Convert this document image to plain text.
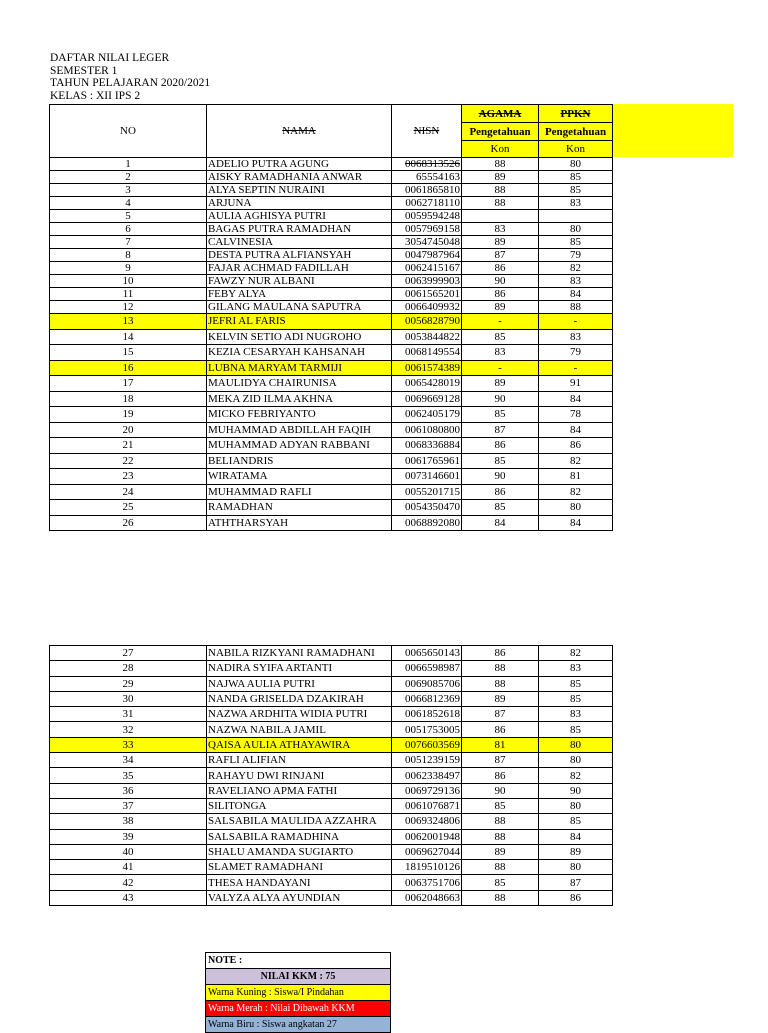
DAFTAR NILAI LEGER
SEMESTER 1
TAHUN PELAJARAN 2020/2021
KELAS : XII IPS 2
NO	NAMA	NISN	AGAMA	PPKN
			Pengetahuan	Pengetahuan
			Kon	Kon
1	ADELIO PUTRA AGUNG	0068313526	88	80
2	AISKY RAMADHANIA ANWAR	65554163	89	85
3	ALYA SEPTIN NURAINI	0061865810	88	85
4	ARJUNA	0062718110	88	83
5	AULIA AGHISYA PUTRI	0059594248		
6	BAGAS PUTRA RAMADHAN	0057969158	83	80
7	CALVINESIA	3054745048	89	85
8	DESTA PUTRA ALFIANSYAH	0047987964	87	79
9	FAJAR ACHMAD FADILLAH	0062415167	86	82
10	FAWZY NUR ALBANI	0063999903	90	83
11	FEBY ALYA	0061565201	86	84
12	GILANG MAULANA SAPUTRA	0066409932	89	88
13	JEFRI AL FARIS	0056828790	-	-
14	KELVIN SETIO ADI NUGROHO	0053844822	85	83
15	KEZIA CESARYAH KAHSANAH	0068149554	83	79
16	LUBNA MARYAM TARMIJI	0061574389	-	-
17	MAULIDYA CHAIRUNISA	0065428019	89	91
18	MEKA ZID ILMA AKHNA	0069669128	90	84
19	MICKO FEBRIYANTO	0062405179	85	78
20	MUHAMMAD ABDILLAH FAQIH	0061080800	87	84
21	MUHAMMAD ADYAN RABBANI	0068336884	86	86
22	BELIANDRIS	0061765961	85	82
23	WIRATAMA	0073146601	90	81
24	MUHAMMAD RAFLI	0055201715	86	82
25	RAMADHAN	0054350470	85	80
26	ATHTHARSYAH	0068892080	84	84
27	NABILA RIZKYANI RAMADHANI	0065650143	86	82
28	NADIRA SYIFA ARTANTI	0066598987	88	83
29	NAJWA AULIA PUTRI	0069085706	88	85
30	NANDA GRISELDA DZAKIRAH	0066812369	89	85
31	NAZWA ARDHITA WIDIA PUTRI	0061852618	87	83
32	NAZWA NABILA JAMIL	0051753005	86	85
33	QAISA AULIA ATHAYAWIRA	0076603569	81	80
34	RAFLI ALIFIAN	0051239159	87	80
35	RAHAYU DWI RINJANI	0062338497	86	82
36	RAVELIANO APMA FATHI	0069729136	90	90
37	SILITONGA	0061076871	85	80
38	SALSABILA MAULIDA AZZAHRA	0069324806	88	85
39	SALSABILA RAMADHINA	0062001948	88	84
40	SHALU AMANDA SUGIARTO	0069627044	89	89
41	SLAMET RAMADHANI	1819510126	88	80
42	THESA HANDAYANI	0063751706	85	87
43	VALYZA ALYA AYUNDIAN	0062048663	88	86
NOTE :
NILAI KKM : 75
Warna Kuning : Siswa/I Pindahan
Warna Merah : Nilai Dibawah KKM
Warna Biru : Siswa angkatan 27
